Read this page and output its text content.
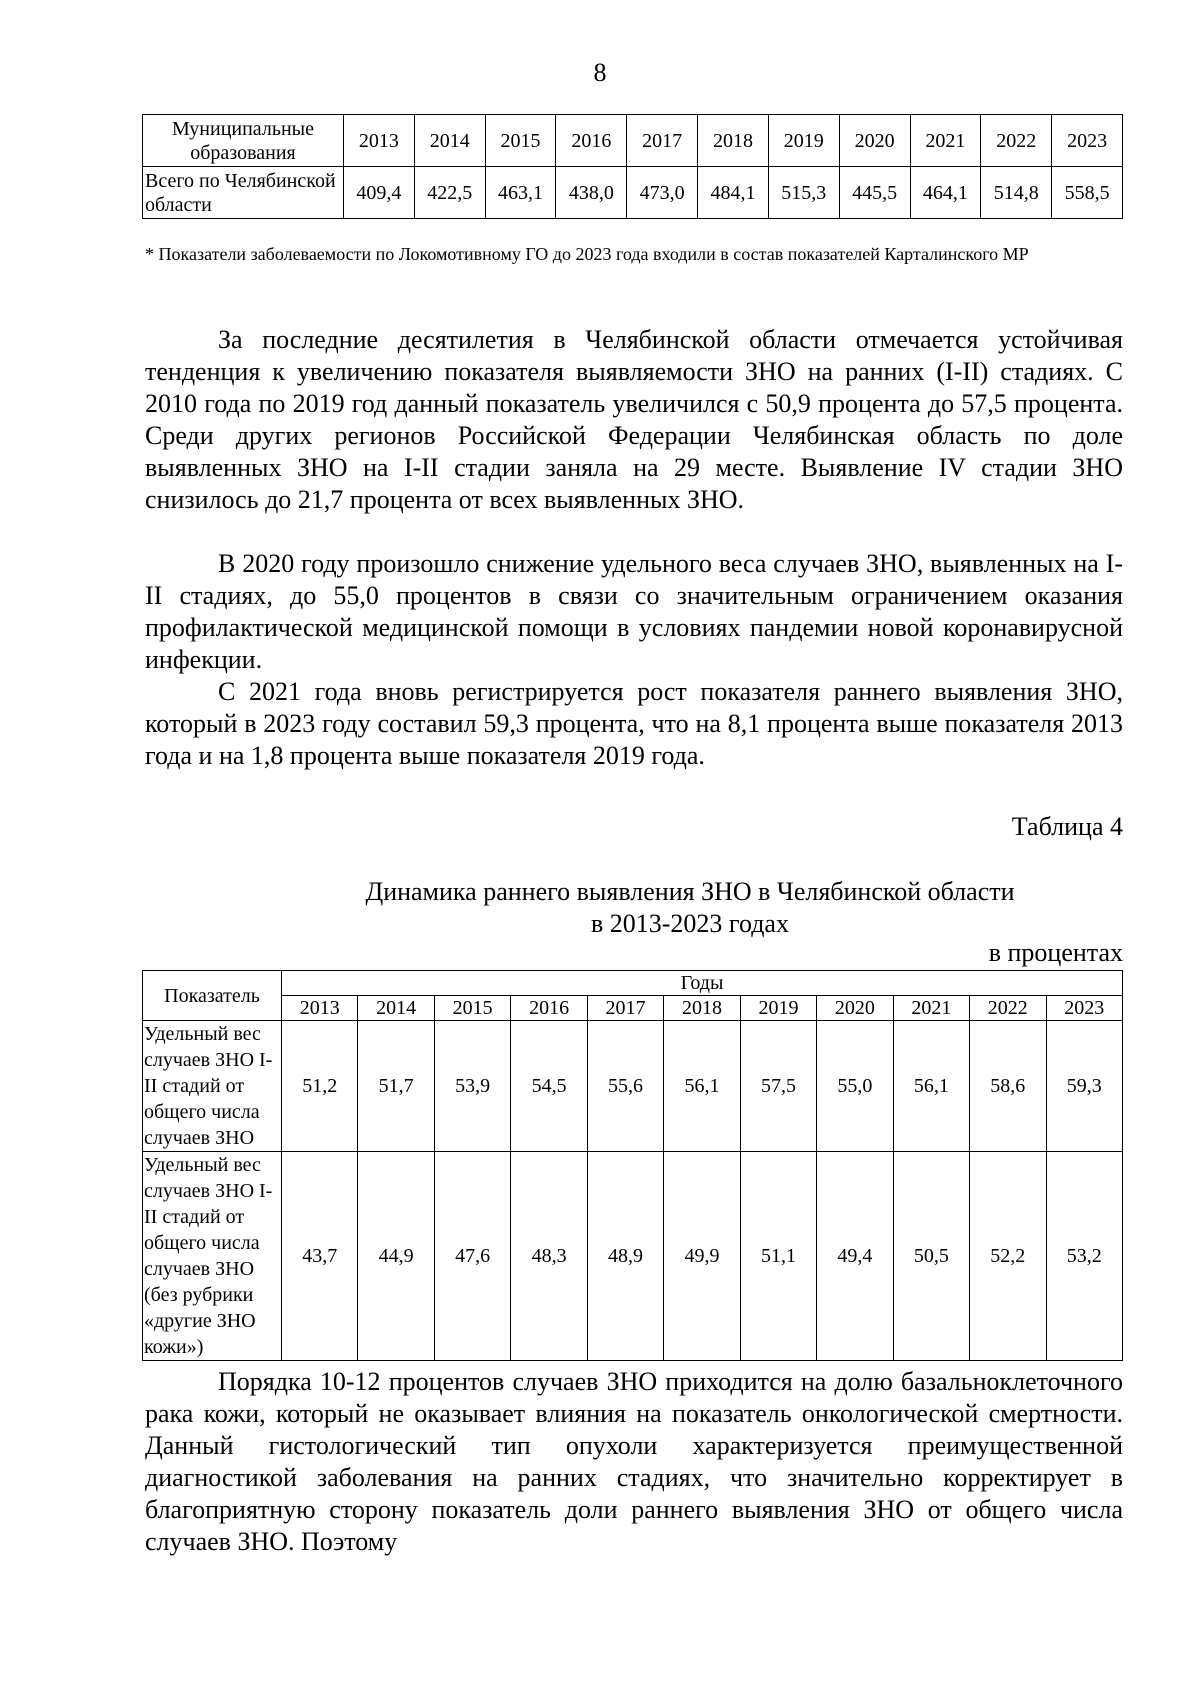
8
Муниципальные образования	2013	2014	2015	2016	2017	2018	2019	2020	2021	2022	2023
Всего по Челябинской области	409,4	422,5	463,1	438,0	473,0	484,1	515,3	445,5	464,1	514,8	558,5
* Показатели заболеваемости по Локомотивному ГО до 2023 года входили в состав показателей Карталинского МР
За последние десятилетия в Челябинской области отмечается устойчивая тенденция к увеличению показателя выявляемости ЗНО на ранних (I-II) стадиях. С 2010 года по 2019 год данный показатель увеличился с 50,9 процента до 57,5 процента. Среди других регионов Российской Федерации Челябинская область по доле выявленных ЗНО на I-II стадии заняла на 29 месте. Выявление IV стадии ЗНО снизилось до 21,7 процента от всех выявленных ЗНО.
В 2020 году произошло снижение удельного веса случаев ЗНО, выявленных на I-II стадиях, до 55,0 процентов в связи со значительным ограничением оказания профилактической медицинской помощи в условиях пандемии новой коронавирусной инфекции.
С 2021 года вновь регистрируется рост показателя раннего выявления ЗНО, который в 2023 году составил 59,3 процента, что на 8,1 процента выше показателя 2013 года и на 1,8 процента выше показателя 2019 года.
Таблица 4
Динамика раннего выявления ЗНО в Челябинской области
в 2013-2023 годах
в процентах
Показатель	Годы										
	2013	2014	2015	2016	2017	2018	2019	2020	2021	2022	2023
Удельный вес случаев ЗНО I-II стадий от общего числа случаев ЗНО	51,2	51,7	53,9	54,5	55,6	56,1	57,5	55,0	56,1	58,6	59,3
Удельный вес случаев ЗНО I-II стадий от общего числа случаев ЗНО (без рубрики «другие ЗНО кожи»)	43,7	44,9	47,6	48,3	48,9	49,9	51,1	49,4	50,5	52,2	53,2
Порядка 10-12 процентов случаев ЗНО приходится на долю базальноклеточного рака кожи, который не оказывает влияния на показатель онкологической смертности. Данный гистологический тип опухоли характеризуется преимущественной диагностикой заболевания на ранних стадиях, что значительно корректирует в благоприятную сторону показатель доли раннего выявления ЗНО от общего числа случаев ЗНО. Поэтому
